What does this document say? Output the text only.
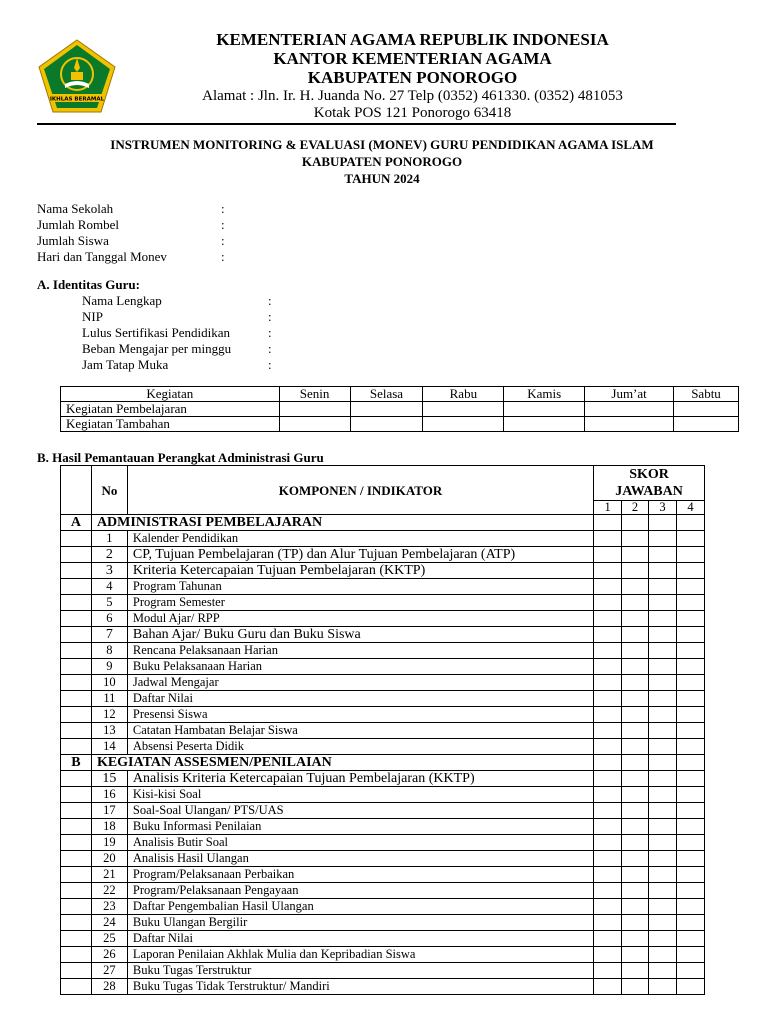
IKHLAS BERAMAL
KEMENTERIAN AGAMA REPUBLIK INDONESIA
KANTOR KEMENTERIAN AGAMA
KABUPATEN PONOROGO
Alamat : Jln. Ir. H. Juanda No. 27 Telp (0352) 461330. (0352) 481053
Kotak POS 121 Ponorogo 63418
INSTRUMEN MONITORING & EVALUASI (MONEV) GURU PENDIDIKAN AGAMA ISLAM
KABUPATEN PONOROGO
TAHUN 2024
Nama Sekolah	:
Jumlah Rombel	:
Jumlah Siswa	:
Hari dan Tanggal Monev	:
A. Identitas Guru:
Nama Lengkap	:
NIP	:
Lulus Sertifikasi Pendidikan	:
Beban Mengajar per minggu	:
Jam Tatap Muka	:
Kegiatan	Senin	Selasa	Rabu	Kamis	Jum’at	Sabtu
Kegiatan Pembelajaran						
Kegiatan Tambahan						
B. Hasil Pemantauan Perangkat Administrasi Guru
	No	KOMPONEN / INDIKATOR	SKOR
JAWABAN			

			1	2	3	4
A	ADMINISTRASI PEMBELAJARAN					
	1	Kalender Pendidikan				
	2	CP, Tujuan Pembelajaran (TP) dan Alur Tujuan Pembelajaran (ATP)				
	3	Kriteria Ketercapaian Tujuan Pembelajaran (KKTP)				
	4	Program Tahunan				
	5	Program Semester				
	6	Modul Ajar/ RPP				
	7	Bahan Ajar/ Buku Guru dan Buku Siswa				
	8	Rencana Pelaksanaan Harian				
	9	Buku Pelaksanaan Harian				
	10	Jadwal Mengajar				
	11	Daftar Nilai				
	12	Presensi Siswa				
	13	Catatan Hambatan Belajar Siswa				
	14	Absensi Peserta Didik				
B	KEGIATAN ASSESMEN/PENILAIAN					
	15	Analisis Kriteria Ketercapaian Tujuan Pembelajaran (KKTP)				
	16	Kisi-kisi Soal				
	17	Soal-Soal Ulangan/ PTS/UAS				
	18	Buku Informasi Penilaian				
	19	Analisis Butir Soal				
	20	Analisis Hasil Ulangan				
	21	Program/Pelaksanaan Perbaikan				
	22	Program/Pelaksanaan Pengayaan				
	23	Daftar Pengembalian Hasil Ulangan				
	24	Buku Ulangan Bergilir				
	25	Daftar Nilai				
	26	Laporan Penilaian Akhlak Mulia dan Kepribadian Siswa				
	27	Buku Tugas Terstruktur				
	28	Buku Tugas Tidak Terstruktur/ Mandiri				
